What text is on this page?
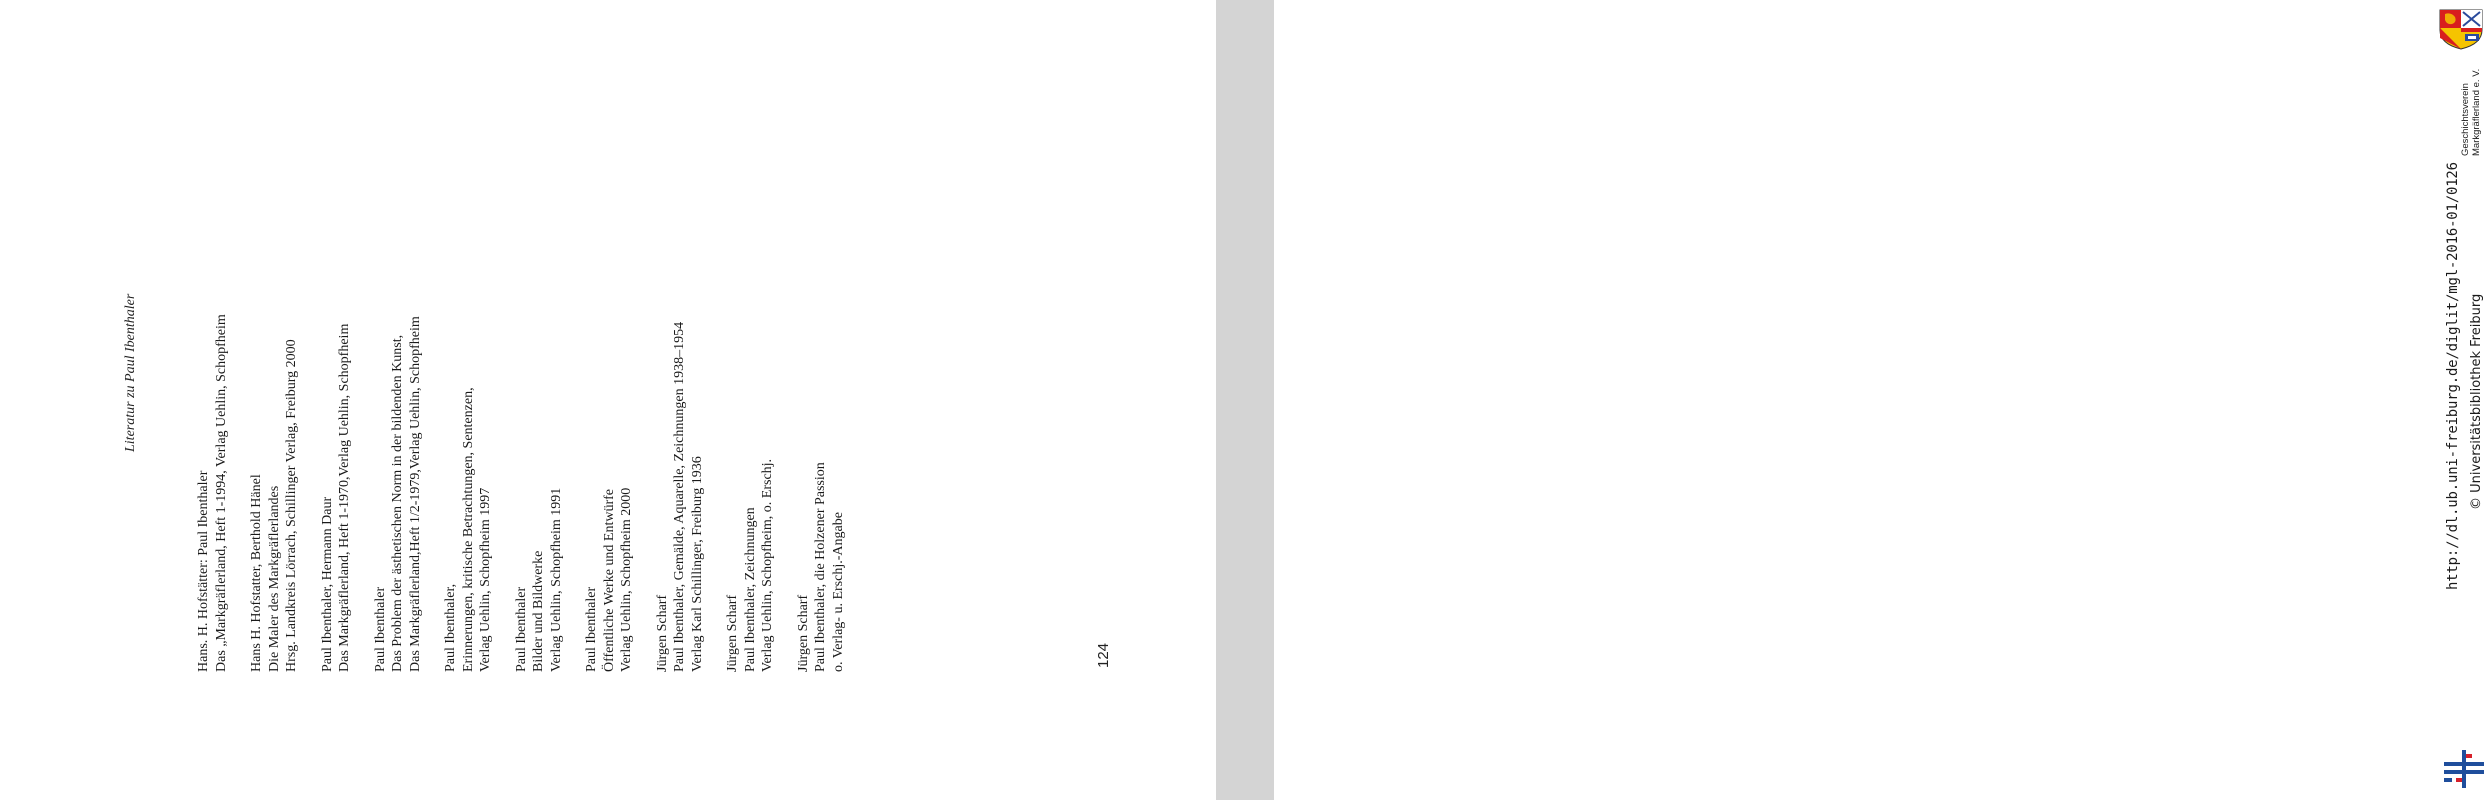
Literatur zu Paul Ibenthaler
Hans. H. Hofstätter: Paul Ibenthaler Das „Markgräflerland, Heft 1-1994, Verlag Uehlin, Schopfheim Hans H. Hofstatter, Berthold Hänel Die Maler des Markgräflerlandes Hrsg. Landkreis Lörrach, Schillinger Verlag, Freiburg 2000 Paul Ibenthaler, Hermann Daur Das Markgräflerland, Heft 1-1970,Verlag Uehlin, Schopfheim Paul Ibenthaler Das Problem der ästhetischen Norm in der bildenden Kunst, Das Markgräflerland,Heft 1/2-1979,Verlag Uehlin, Schopfheim Paul Ibenthaler, Erinnerungen, kritische Betrachtungen, Sentenzen, Verlag Uehlin, Schopfheim 1997 Paul Ibenthaler Bilder und Bildwerke Verlag Uehlin, Schopfheim 1991 Paul Ibenthaler Öffentliche Werke und Entwürfe Verlag Uehlin, Schopfheim 2000 Jürgen Scharf Paul Ibenthaler, Gemälde, Aquarelle, Zeichnungen 1938–1954 Verlag Karl Schillinger, Freiburg 1936 Jürgen Scharf Paul Ibenthaler, Zeichnungen Verlag Uehlin, Schopfheim, o. Erschj. Jürgen Scharf Paul Ibenthaler, die Holzener Passion o. Verlag- u. Erschj.-Angabe	124
Geschichtsverein Markgräflerland e. V.
http://dl.ub.uni-freiburg.de/diglit/mgl-2016-01/0126 © Universitätsbibliothek Freiburg
